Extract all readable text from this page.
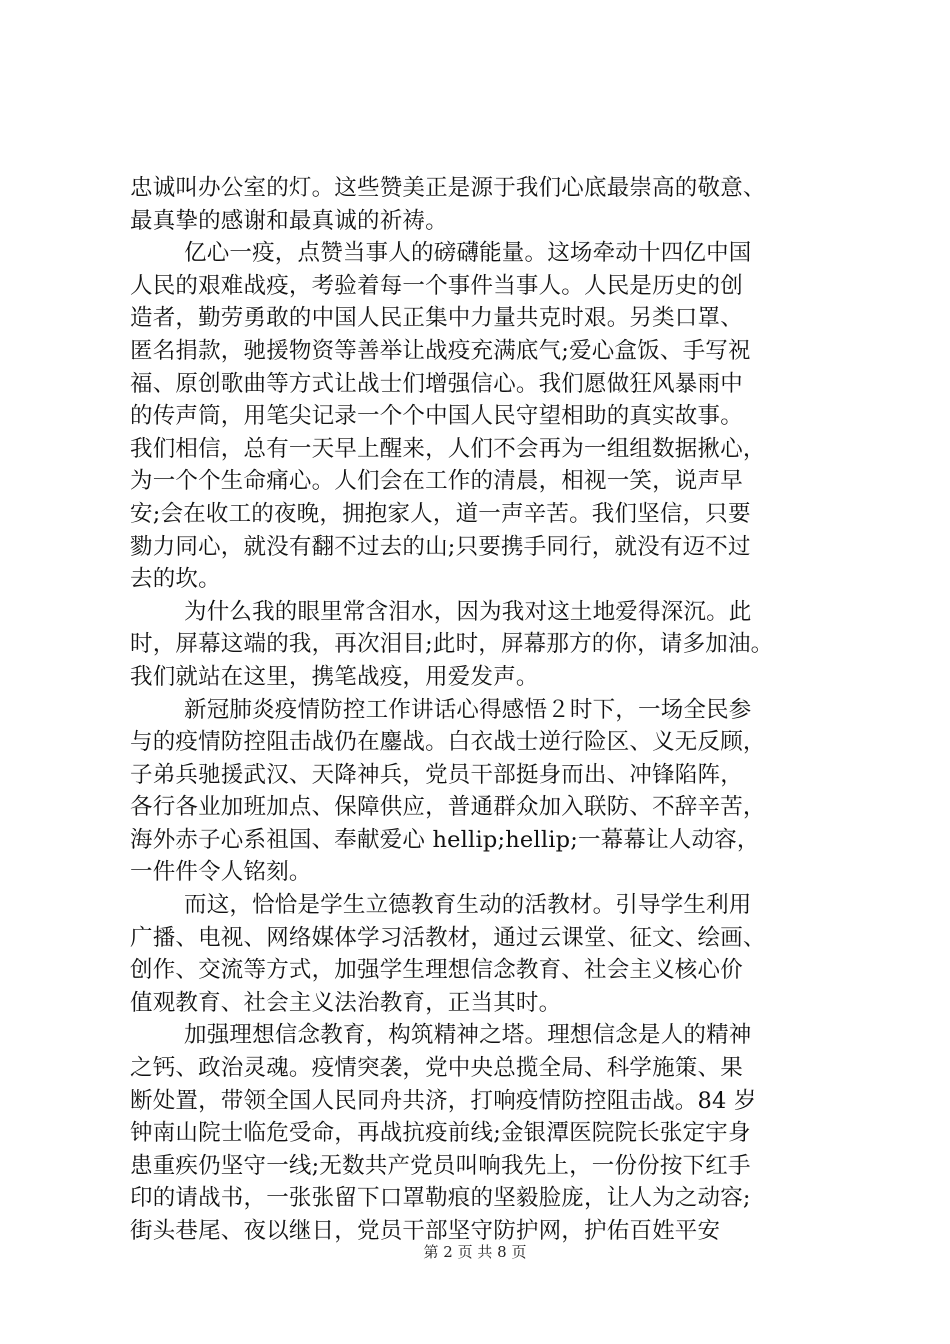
忠诚叫办公室的灯。这些赞美正是源于我们心底最崇高的敬意、
最真挚的感谢和最真诚的祈祷。
亿心一疫，点赞当事人的磅礴能量。这场牵动十四亿中国
人民的艰难战疫，考验着每一个事件当事人。人民是历史的创
造者，勤劳勇敢的中国人民正集中力量共克时艰。另类口罩、
匿名捐款，驰援物资等善举让战疫充满底气;爱心盒饭、手写祝
福、原创歌曲等方式让战士们增强信心。我们愿做狂风暴雨中
的传声筒，用笔尖记录一个个中国人民守望相助的真实故事。
我们相信，总有一天早上醒来，人们不会再为一组组数据揪心，
为一个个生命痛心。人们会在工作的清晨，相视一笑，说声早
安;会在收工的夜晚，拥抱家人，道一声辛苦。我们坚信，只要
勠力同心，就没有翻不过去的山;只要携手同行，就没有迈不过
去的坎。
为什么我的眼里常含泪水，因为我对这土地爱得深沉。此
时，屏幕这端的我，再次泪目;此时，屏幕那方的你，请多加油。
我们就站在这里，携笔战疫，用爱发声。
新冠肺炎疫情防控工作讲话心得感悟２时下，一场全民参
与的疫情防控阻击战仍在鏖战。白衣战士逆行险区、义无反顾，
子弟兵驰援武汉、天降神兵，党员干部挺身而出、冲锋陷阵，
各行各业加班加点、保障供应，普通群众加入联防、不辞辛苦，
海外赤子心系祖国、奉献爱心 hellip;hellip;一幕幕让人动容，
一件件令人铭刻。
而这，恰恰是学生立德教育生动的活教材。引导学生利用
广播、电视、网络媒体学习活教材，通过云课堂、征文、绘画、
创作、交流等方式，加强学生理想信念教育、社会主义核心价
值观教育、社会主义法治教育，正当其时。
加强理想信念教育，构筑精神之塔。理想信念是人的精神
之钙、政治灵魂。疫情突袭，党中央总揽全局、科学施策、果
断处置，带领全国人民同舟共济，打响疫情防控阻击战。84 岁
钟南山院士临危受命，再战抗疫前线;金银潭医院院长张定宇身
患重疾仍坚守一线;无数共产党员叫响我先上，一份份按下红手
印的请战书，一张张留下口罩勒痕的坚毅脸庞，让人为之动容;
街头巷尾、夜以继日，党员干部坚守防护网，护佑百姓平安
第 2 页 共 8 页
